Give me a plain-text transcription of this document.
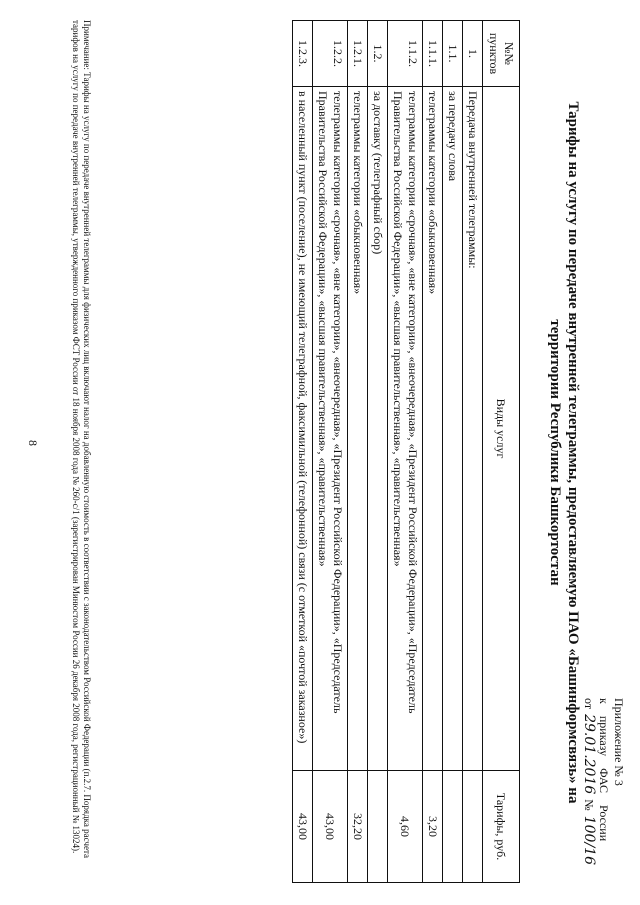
Приложение № 3
к    приказу    ФАС    России
от 29.01.2016 № 100/16
Тарифы на услугу по передаче внутренней телеграммы, предоставляемую ПАО «Башинформсвязь» на территории Республики Башкортостан
№№ пунктов	Виды услуг	Тарифы, руб.
1.	Передача внутренней телеграммы:	
1.1.	за передачу слова	
1.1.1.	телеграммы категории «обыкновенная»	3,20
1.1.2.	телеграммы категории «срочная», «вне категории», «внеочередная», «Президент Российской Федерации», «Председатель Правительства Российской Федерации», «высшая правительственная», «правительственная»	4,60
1.2.	за доставку (телеграфный сбор)	
1.2.1.	телеграммы категории «обыкновенная»	32,20
1.2.2.	телеграммы категории «срочная», «вне категории», «внеочередная», «Президент Российской Федерации», «Председатель Правительства Российской Федерации», «высшая правительственная», «правительственная»	43,00
1.2.3.	в населенный пункт (поселение), не имеющий телеграфной, факсимильной (телефонной) связи (с отметкой «почтой заказное»)	43,00
Примечание: Тарифы на услугу по передаче внутренней телеграммы для физических лиц включают налог на добавленную стоимость в соответствии с законодательством Российской Федерации (п.2.7. Порядка расчета тарифов на услугу по передаче внутренней телеграммы, утвержденного приказом ФСТ России от 18 ноября 2008 года № 260-с/1 (зарегистрирован Минюстом России 26 декабря 2008 года, регистрационный № 13024).
8
